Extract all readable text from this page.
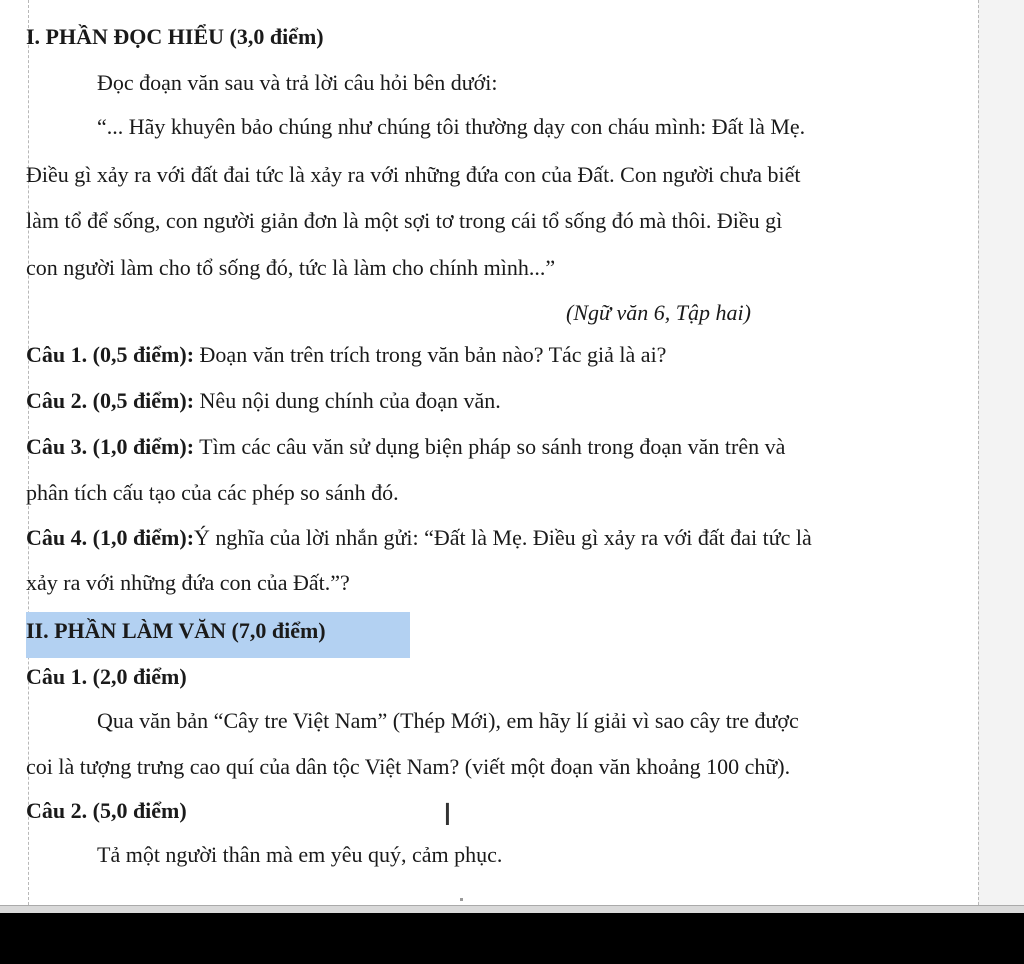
I. PHẦN ĐỌC HIỂU (3,0 điểm)
Đọc đoạn văn sau và trả lời câu hỏi bên dưới:
“... Hãy khuyên bảo chúng như chúng tôi thường dạy con cháu mình: Đất là Mẹ.
Điều gì xảy ra với đất đai tức là xảy ra với những đứa con của Đất. Con người chưa biết
làm tổ để sống, con người giản đơn là một sợi tơ trong cái tổ sống đó mà thôi. Điều gì
con người làm cho tổ sống đó, tức là làm cho chính mình...”
(Ngữ văn 6, Tập hai)
Câu 1. (0,5 điểm): Đoạn văn trên trích trong văn bản nào? Tác giả là ai?
Câu 2. (0,5 điểm): Nêu nội dung chính của đoạn văn.
Câu 3. (1,0 điểm): Tìm các câu văn sử dụng biện pháp so sánh trong đoạn văn trên và
phân tích cấu tạo của các phép so sánh đó.
Câu 4. (1,0 điểm):Ý nghĩa của lời nhắn gửi: “Đất là Mẹ. Điều gì xảy ra với đất đai tức là
xảy ra với những đứa con của Đất.”?
II. PHẦN LÀM VĂN (7,0 điểm)
Câu 1. (2,0 điểm)
Qua văn bản “Cây tre Việt Nam” (Thép Mới), em hãy lí giải vì sao cây tre được
coi là tượng trưng cao quí của dân tộc Việt Nam? (viết một đoạn văn khoảng 100 chữ).
Câu 2. (5,0 điểm)	I
Tả một người thân mà em yêu quý, cảm phục.
